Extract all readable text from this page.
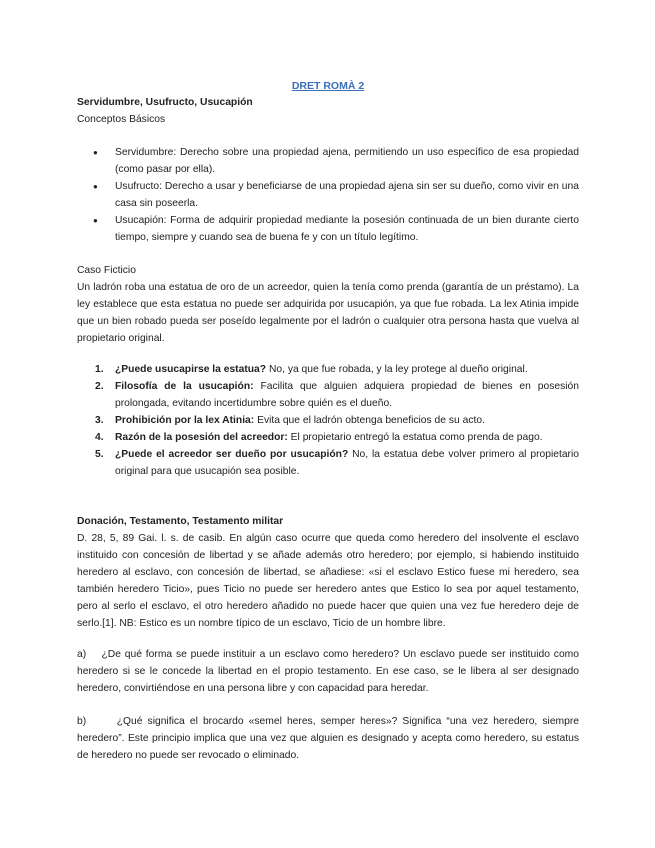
DRET ROMÀ 2
Servidumbre, Usufructo, Usucapión
Conceptos Básicos
● Servidumbre: Derecho sobre una propiedad ajena, permitiendo un uso específico de esa propiedad (como pasar por ella).
● Usufructo: Derecho a usar y beneficiarse de una propiedad ajena sin ser su dueño, como vivir en una casa sin poseerla.
● Usucapión: Forma de adquirir propiedad mediante la posesión continuada de un bien durante cierto tiempo, siempre y cuando sea de buena fe y con un título legítimo.
Caso Ficticio
Un ladrón roba una estatua de oro de un acreedor, quien la tenía como prenda (garantía de un préstamo). La ley establece que esta estatua no puede ser adquirida por usucapión, ya que fue robada. La lex Atinia impide que un bien robado pueda ser poseído legalmente por el ladrón o cualquier otra persona hasta que vuelva al propietario original.
1. ¿Puede usucapirse la estatua? No, ya que fue robada, y la ley protege al dueño original.
2. Filosofía de la usucapión: Facilita que alguien adquiera propiedad de bienes en posesión prolongada, evitando incertidumbre sobre quién es el dueño.
3. Prohibición por la lex Atinia: Evita que el ladrón obtenga beneficios de su acto.
4. Razón de la posesión del acreedor: El propietario entregó la estatua como prenda de pago.
5. ¿Puede el acreedor ser dueño por usucapión? No, la estatua debe volver primero al propietario original para que usucapión sea posible.
Donación, Testamento, Testamento militar
D. 28, 5, 89 Gai. l. s. de casib. En algún caso ocurre que queda como heredero del insolvente el esclavo instituido con concesión de libertad y se añade además otro heredero; por ejemplo, si habiendo instituido heredero al esclavo, con concesión de libertad, se añadiese: «si el esclavo Estico fuese mi heredero, sea también heredero Ticio», pues Ticio no puede ser heredero antes que Estico lo sea por aquel testamento, pero al serlo el esclavo, el otro heredero añadido no puede hacer que quien una vez fue heredero deje de serlo.[1]. NB: Estico es un nombre típico de un esclavo, Ticio de un hombre libre.
a) ¿De qué forma se puede instituir a un esclavo como heredero? Un esclavo puede ser instituido como heredero si se le concede la libertad en el propio testamento. En ese caso, se le libera al ser designado heredero, convirtiéndose en una persona libre y con capacidad para heredar.
b)	¿Qué significa el brocardo «semel heres, semper heres»? Significa “una vez heredero, siempre heredero”. Este principio implica que una vez que alguien es designado y acepta como heredero, su estatus de heredero no puede ser revocado o eliminado.
